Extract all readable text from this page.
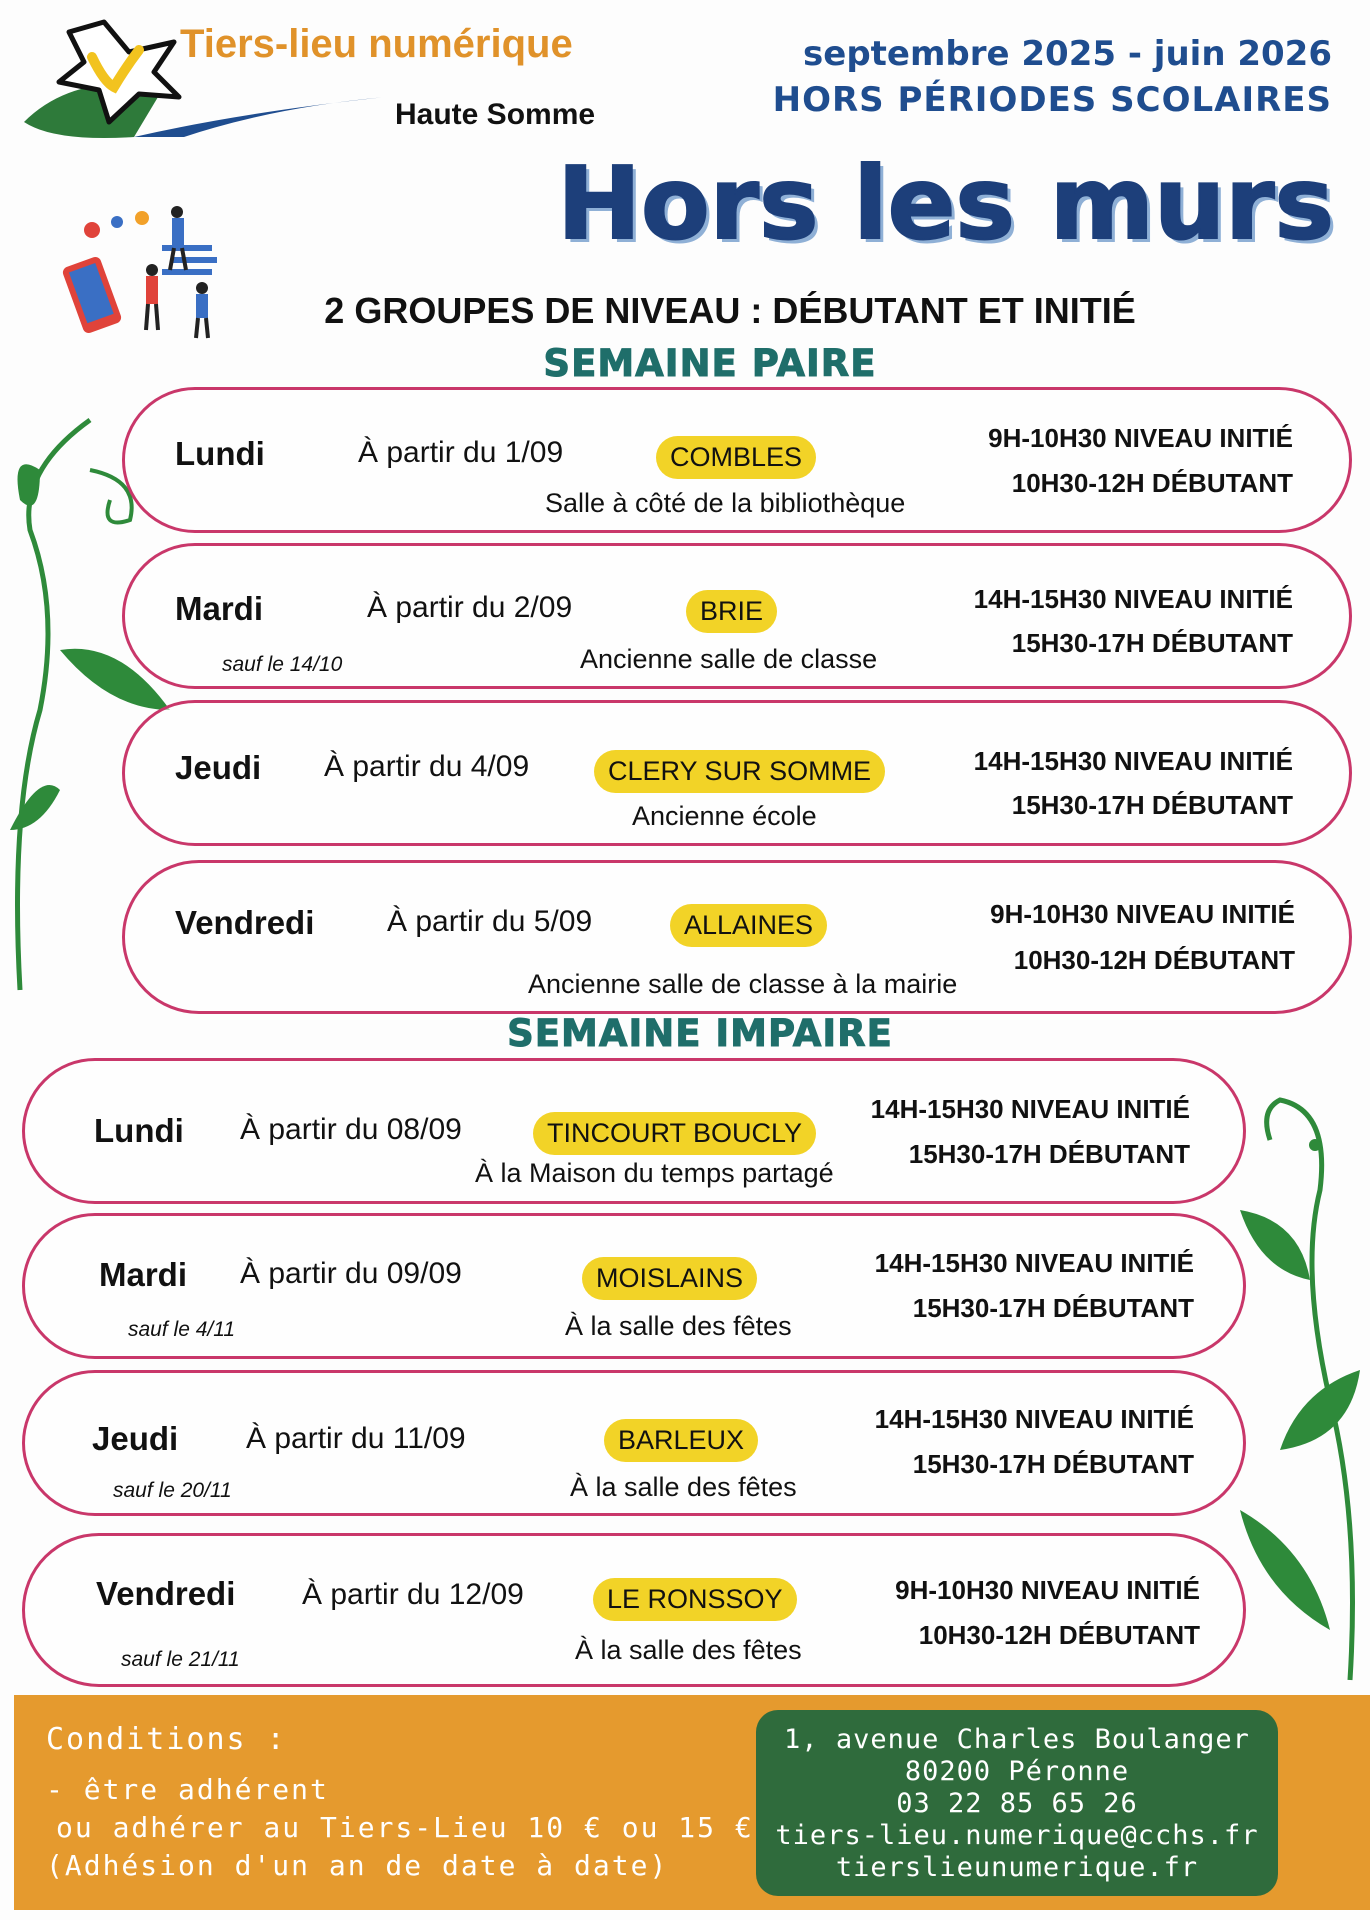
Tiers-lieu numérique
Haute Somme
septembre 2025 - juin 2026
HORS PÉRIODES SCOLAIRES
Hors les murs
2 GROUPES DE NIVEAU : DÉBUTANT ET INITIÉ
SEMAINE PAIRE
Lundi	À partir du 1/09	COMBLES
Salle à côté de la bibliothèque
9H-10H30 NIVEAU INITIÉ
10H30-12H DÉBUTANT
Mardi	À partir du 2/09	BRIE
sauf le 14/10	Ancienne salle de classe
14H-15H30 NIVEAU INITIÉ
15H30-17H DÉBUTANT
Jeudi À partir du 4/09	CLERY SUR SOMME
Ancienne école
14H-15H30 NIVEAU INITIÉ
15H30-17H DÉBUTANT
Vendredi À partir du 5/09	ALLAINES
Ancienne salle de classe à la mairie
9H-10H30 NIVEAU INITIÉ
10H30-12H DÉBUTANT
SEMAINE IMPAIRE
Lundi À partir du 08/09	TINCOURT BOUCLY
À la Maison du temps partagé
14H-15H30 NIVEAU INITIÉ
15H30-17H DÉBUTANT
Mardi À partir du 09/09	MOISLAINS
sauf le 4/11	À la salle des fêtes
14H-15H30 NIVEAU INITIÉ
15H30-17H DÉBUTANT
Jeudi À partir du 11/09	BARLEUX
sauf le 20/11	À la salle des fêtes
14H-15H30 NIVEAU INITIÉ
15H30-17H DÉBUTANT
Vendredi À partir du 12/09	LE RONSSOY
sauf le 21/11	À la salle des fêtes
9H-10H30 NIVEAU INITIÉ
10H30-12H DÉBUTANT
Conditions :
- être adhérent
ou adhérer au Tiers-Lieu 10 € ou 15 €
(Adhésion d'un an de date à date)
1, avenue Charles Boulanger
80200 Péronne
03 22 85 65 26
tiers-lieu.numerique@cchs.fr
tierslieunumerique.fr
